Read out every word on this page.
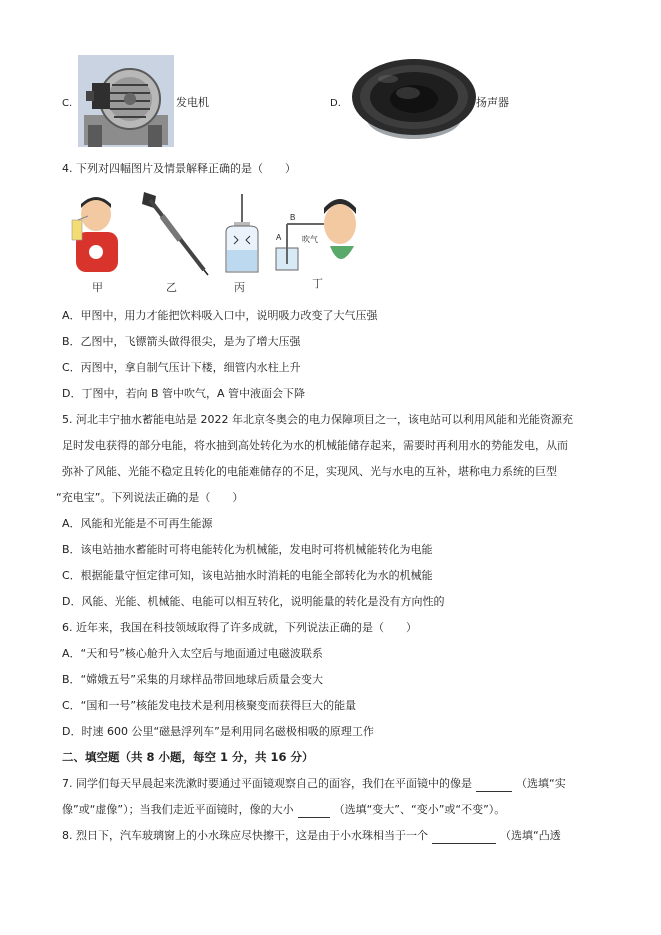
C.	发电机	D.	扬声器
4. 下列对四幅图片及情景解释正确的是（　　）
B
A	吹气
甲	乙	丙	丁
A．甲图中，用力才能把饮料吸入口中，说明吸力改变了大气压强
B．乙图中，飞镖箭头做得很尖，是为了增大压强
C．丙图中，拿自制气压计下楼，细管内水柱上升
D．丁图中，若向 B 管中吹气，A 管中液面会下降
5. 河北丰宁抽水蓄能电站是 2022 年北京冬奥会的电力保障项目之一，该电站可以利用风能和光能资源充
足时发电获得的部分电能，将水抽到高处转化为水的机械能储存起来，需要时再利用水的势能发电，从而
弥补了风能、光能不稳定且转化的电能难储存的不足，实现风、光与水电的互补，堪称电力系统的巨型
“充电宝”。下列说法正确的是（　　）
A．风能和光能是不可再生能源
B．该电站抽水蓄能时可将电能转化为机械能，发电时可将机械能转化为电能
C．根据能量守恒定律可知，该电站抽水时消耗的电能全部转化为水的机械能
D．风能、光能、机械能、电能可以相互转化，说明能量的转化是没有方向性的
6. 近年来，我国在科技领域取得了许多成就，下列说法正确的是（　　）
A．“天和号”核心舱升入太空后与地面通过电磁波联系
B．“嫦娥五号”采集的月球样品带回地球后质量会变大
C．“国和一号”核能发电技术是利用核聚变而获得巨大的能量
D．时速 600 公里“磁悬浮列车”是利用同名磁极相吸的原理工作
二、填空题（共 8 小题，每空 1 分，共 16 分）
7. 同学们每天早晨起来洗漱时要通过平面镜观察自己的面容，我们在平面镜中的像是	（选填“实
像”或“虚像”）；当我们走近平面镜时，像的大小	（选填“变大”、“变小”或“不变”）。
8. 烈日下，汽车玻璃窗上的小水珠应尽快擦干，这是由于小水珠相当于一个	（选填“凸透
